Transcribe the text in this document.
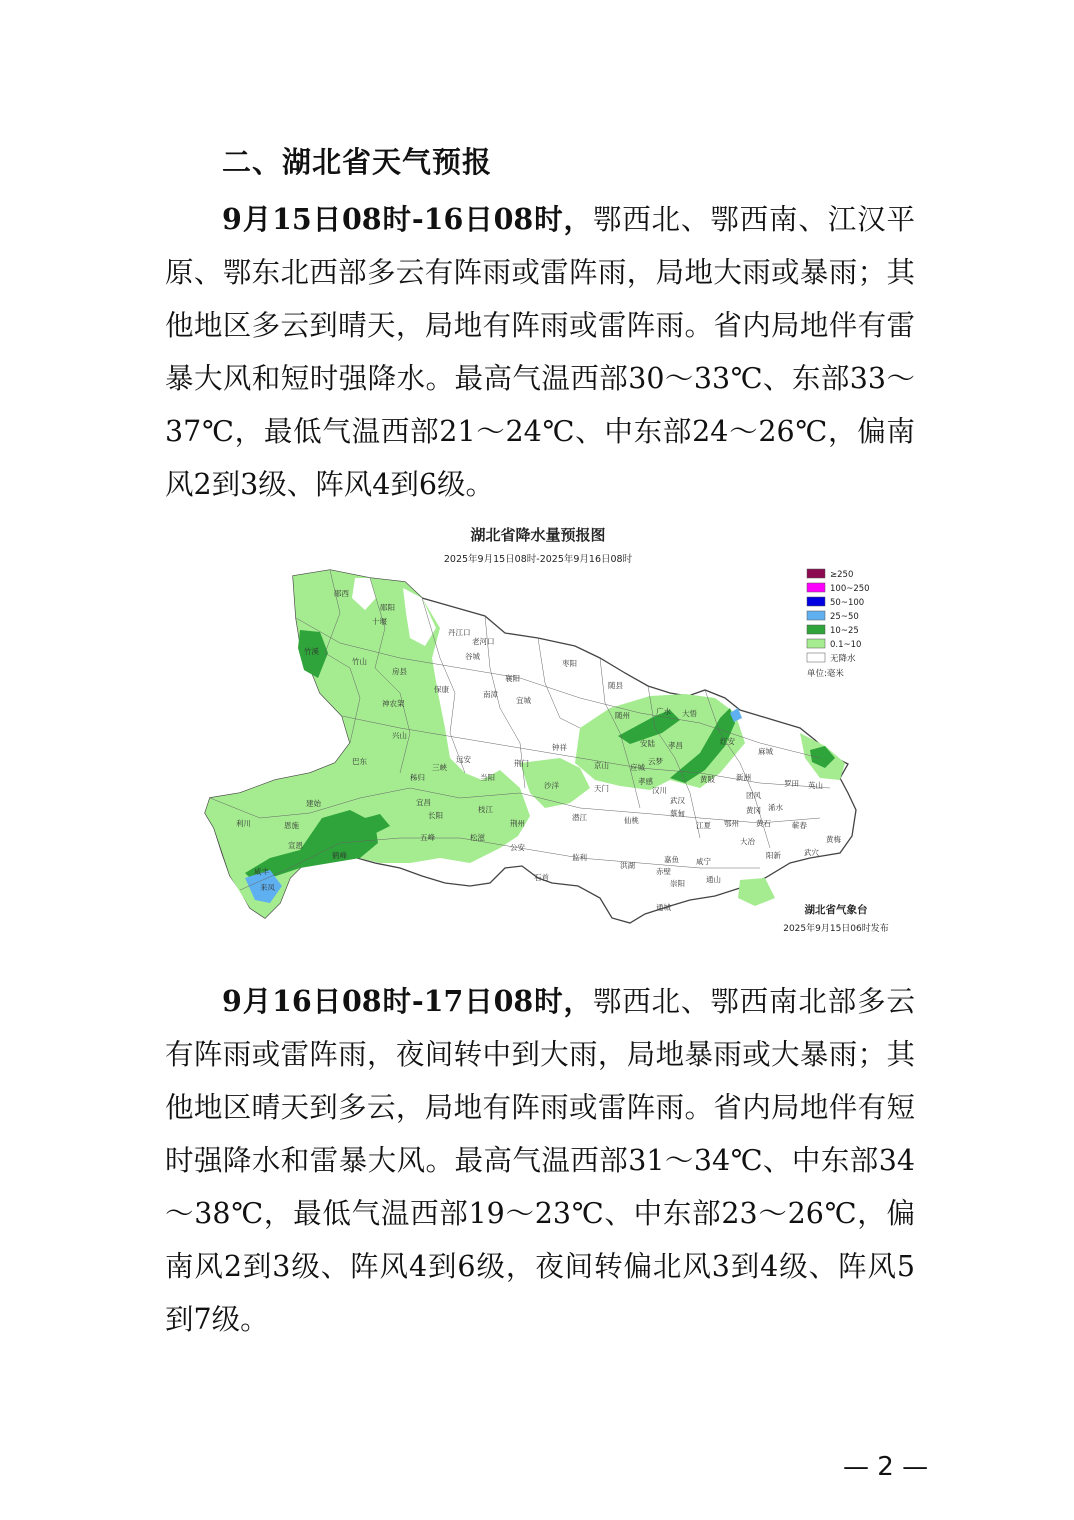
二、湖北省天气预报

9月15日08时-16日08时，鄂西北、鄂西南、江汉平原、鄂东北西部多云有阵雨或雷阵雨，局地大雨或暴雨；其他地区多云到晴天，局地有阵雨或雷阵雨。省内局地伴有雷暴大风和短时强降水。最高气温西部30～33℃、东部33～37℃，最低气温西部21～24℃、中东部24～26℃，偏南风2到3级、阵风4到6级。

湖北省降水量预报图
2025年9月15日08时-2025年9月16日08时
郧西
郧阳
十堰
丹江口
老河口
谷城
枣阳
随县
竹溪
竹山
房县
保康
南漳
襄阳
宜城
随州	广水 大悟
神农架
兴山
钟祥
京山
安陆 孝昌	红安
麻城
巴东
秭归
三峡
远安	荆门	应城
云梦
孝感	黄陂	新洲
罗田 英山
恩施
宜昌
当阳
沙洋	天门	汉川
武汉
团风
黄冈 浠水
建始
长阳
枝江
荆州
潜江	仙桃
蔡甸
鄂州 黄石	蕲春
利川
咸丰
宣恩
鹤峰
五峰	松滋
公安
监利
洪湖
嘉鱼 咸宁
大冶
阳新	武穴
黄梅
来凤
石首
赤壁
崇阳	通山
通城
江夏
≥250
100~250
50~100
25~50
10~25
0.1~10
无降水
单位:毫米
湖北省气象台
2025年9月15日06时发布

9月16日08时-17日08时，鄂西北、鄂西南北部多云有阵雨或雷阵雨，夜间转中到大雨，局地暴雨或大暴雨；其他地区晴天到多云，局地有阵雨或雷阵雨。省内局地伴有短时强降水和雷暴大风。最高气温西部31～34℃、中东部34～38℃，最低气温西部19～23℃、中东部23～26℃，偏南风2到3级、阵风4到6级，夜间转偏北风3到4级、阵风5到7级。

— 2 —
